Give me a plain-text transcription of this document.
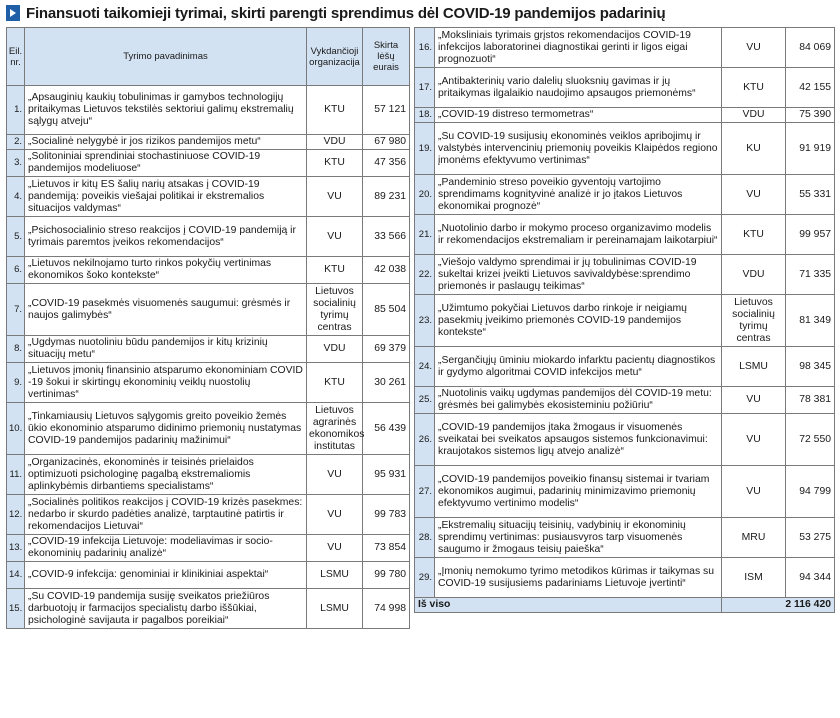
Finansuoti taikomieji tyrimai, skirti parengti sprendimus dėl COVID-19 pandemijos padarinių
Eil. nr.	Tyrimo pavadinimas	Vykdančioji organizacija	Skirta lėšų eurais
1.	„Apsauginių kaukių tobulinimas ir gamybos technologijų pritaikymas Lietuvos tekstilės sektoriui galimų ekstremalių sąlygų atveju“	KTU	57 121
2.	„Socialinė nelygybė ir jos rizikos pandemijos metu“	VDU	67 980
3.	„Solitoniniai sprendiniai stochastiniuose COVID-19 pandemijos modeliuose“	KTU	47 356
4.	„Lietuvos ir kitų ES šalių narių atsakas į COVID-19 pandemiją: poveikis viešajai politikai ir ekstremalios situacijos valdymas“	VU	89 231
5.	„Psichosocialinio streso reakcijos į COVID-19 pandemiją ir tyrimais paremtos įveikos rekomendacijos“	VU	33 566
6.	„Lietuvos nekilnojamo turto rinkos pokyčių vertinimas ekonomikos šoko kontekste“	KTU	42 038
7.	„COVID-19 pasekmės visuomenės saugumui: grėsmės ir naujos galimybės“	Lietuvos socialinių tyrimų centras	85 504
8.	„Ugdymas nuotoliniu būdu pandemijos ir kitų krizinių situacijų metu“	VDU	69 379
9.	„Lietuvos įmonių finansinio atsparumo ekonominiam COVID -19 šokui ir skirtingų ekonominių veiklų nuostolių vertinimas“	KTU	30 261
10.	„Tinkamiausių Lietuvos sąlygomis greito poveikio žemės ūkio ekonominio atsparumo didinimo priemonių nustatymas COVID-19 pandemijos padarinių mažinimui“	Lietuvos agrarinės ekonomikos institutas	56 439
11.	„Organizacinės, ekonominės ir teisinės prielaidos optimizuoti psichologinę pagalbą ekstremaliomis aplinkybėmis dirbantiems specialistams“	VU	95 931
12.	„Socialinės politikos reakcijos į COVID-19 krizės pasekmes: nedarbo ir skurdo padėties analizė, tarptautinė patirtis ir rekomendacijos Lietuvai“	VU	99 783
13.	„COVID-19 infekcija Lietuvoje: modeliavimas ir socio-ekonominių padarinių analizė“	VU	73 854
14.	„COVID-9 infekcija: genominiai ir klinikiniai aspektai“	LSMU	99 780
15.	„Su COVID-19 pandemija susiję sveikatos priežiūros darbuotojų ir farmacijos specialistų darbo iššūkiai, psichologinė savijauta ir pagalbos poreikiai“	LSMU	74 998
16.	„Moksliniais tyrimais grįstos rekomendacijos COVID-19 infekcijos laboratorinei diagnostikai gerinti ir ligos eigai prognozuoti“	VU	84 069
17.	„Antibakterinių vario dalelių sluoksnių gavimas ir jų pritaikymas ilgalaikio naudojimo apsaugos priemonėms“	KTU	42 155
18.	„COVID-19 distreso termometras“	VDU	75 390
19.	„Su COVID-19 susijusių ekonominės veiklos apribojimų ir valstybės intervencinių priemonių poveikis Klaipėdos regiono įmonėms efektyvumo vertinimas“	KU	91 919
20.	„Pandeminio streso poveikio gyventojų vartojimo sprendimams kognityvinė analizė ir jo įtakos Lietuvos ekonomikai prognozė“	VU	55 331
21.	„Nuotolinio darbo ir mokymo proceso organizavimo modelis ir rekomendacijos ekstremaliam ir pereinamajam laikotarpiui“	KTU	99 957
22.	„Viešojo valdymo sprendimai ir jų tobulinimas COVID-19 sukeltai krizei įveikti Lietuvos savivaldybėse:sprendimo priemonės ir paslaugų teikimas“	VDU	71 335
23.	„Užimtumo pokyčiai Lietuvos darbo rinkoje ir neigiamų pasekmių įveikimo priemonės COVID-19 pandemijos kontekste“	Lietuvos socialinių tyrimų centras	81 349
24.	„Sergančiųjų ūminiu miokardo infarktu pacientų diagnostikos ir gydymo algoritmai COVID infekcijos metu“	LSMU	98 345
25.	„Nuotolinis vaikų ugdymas pandemijos dėl COVID-19 metu: grėsmės bei galimybės ekosisteminiu požiūriu“	VU	78 381
26.	„COVID-19 pandemijos įtaka žmogaus ir visuomenės sveikatai bei sveikatos apsaugos sistemos funkcionavimui: kraujotakos sistemos ligų atvejo analizė“	VU	72 550
27.	„COVID-19 pandemijos poveikio finansų sistemai ir tvariam ekonomikos augimui, padarinių minimizavimo priemonių efektyvumo vertinimo modelis“	VU	94 799
28.	„Ekstremalių situacijų teisinių, vadybinių ir ekonominių sprendimų vertinimas: pusiausvyros tarp visuomenės saugumo ir žmogaus teisių paieška“	MRU	53 275
29.	„Įmonių nemokumo tyrimo metodikos kūrimas ir taikymas su COVID-19 susijusiems padariniams Lietuvoje įvertinti“	ISM	94 344
Iš viso		2 116 420	
